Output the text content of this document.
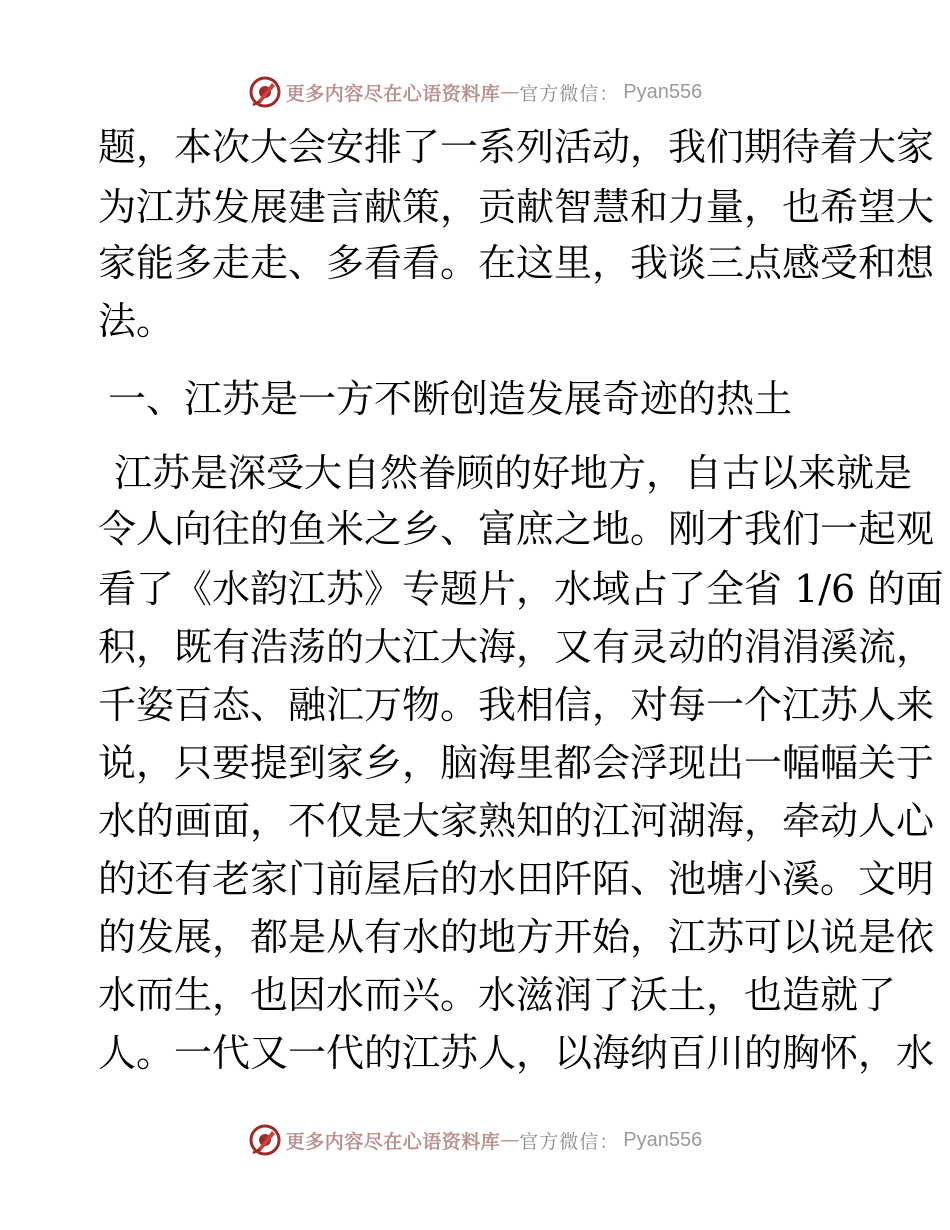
更多内容尽在心语资料库 — 官方微信： Pyan556
题，本次大会安排了一系列活动，我们期待着大家
为江苏发展建言献策，贡献智慧和力量，也希望大
家能多走走、多看看。在这里，我谈三点感受和想
法。
一、江苏是一方不断创造发展奇迹的热土
江苏是深受大自然眷顾的好地方，自古以来就是
令人向往的鱼米之乡、富庶之地。刚才我们一起观
看了《水韵江苏》专题片，水域占了全省 1/6 的面
积，既有浩荡的大江大海，又有灵动的涓涓溪流，
千姿百态、融汇万物。我相信，对每一个江苏人来
说，只要提到家乡，脑海里都会浮现出一幅幅关于
水的画面，不仅是大家熟知的江河湖海，牵动人心
的还有老家门前屋后的水田阡陌、池塘小溪。文明
的发展，都是从有水的地方开始，江苏可以说是依
水而生，也因水而兴。水滋润了沃土，也造就了
人。一代又一代的江苏人，以海纳百川的胸怀，水
更多内容尽在心语资料库 — 官方微信： Pyan556
